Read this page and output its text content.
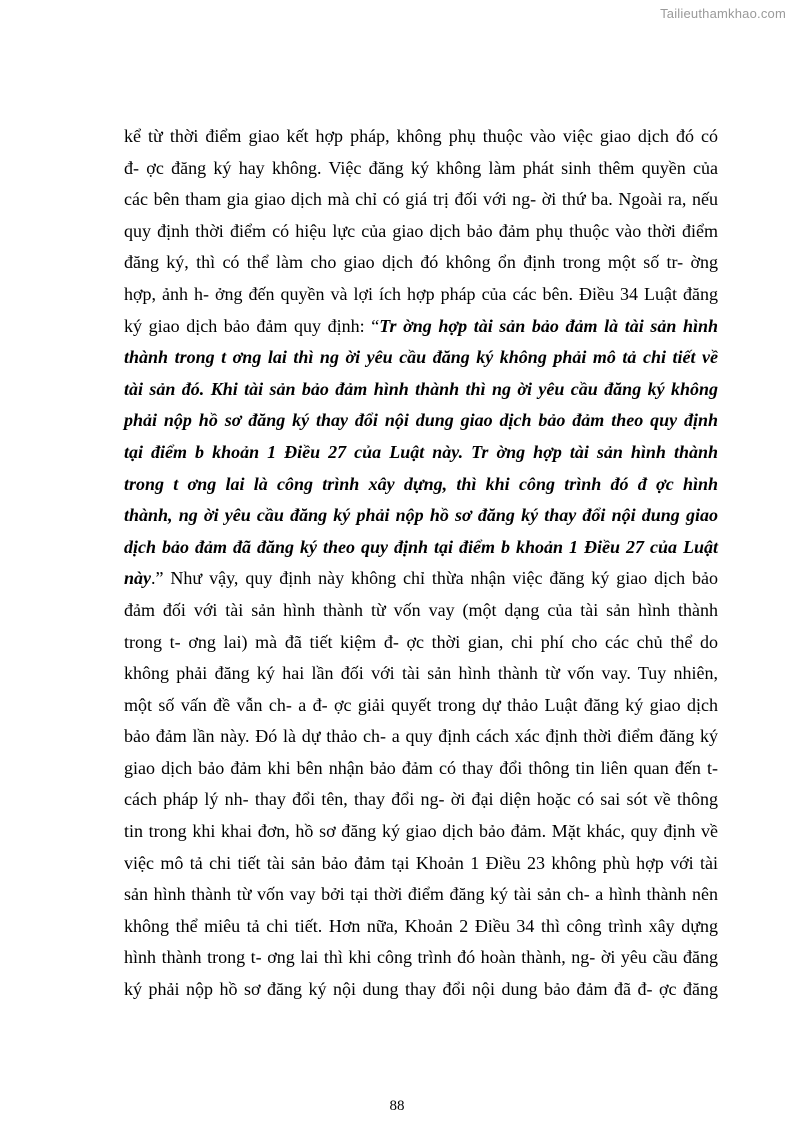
Tailieuthamkhao.com
kể từ thời điểm giao kết hợp pháp, không phụ thuộc vào việc giao dịch đó có
đ- ợc đăng ký hay không. Việc đăng ký không làm phát sinh thêm quyền của
các bên tham gia giao dịch mà chỉ có giá trị đối với ng- ời thứ ba. Ngoài ra, nếu
quy định thời điểm có hiệu lực của giao dịch bảo đảm phụ thuộc vào thời điểm
đăng ký, thì có thể làm cho giao dịch đó không ổn định trong một số tr- ờng
hợp, ảnh h- ởng đến quyền và lợi ích hợp pháp của các bên. Điều 34 Luật đăng
ký giao dịch bảo đảm quy định: “Tr ờng hợp tài sản bảo đảm là tài sản hình
thành trong t ơng lai thì ng ời yêu cầu đăng ký không phải mô tả chi tiết về
tài sản đó. Khi tài sản bảo đảm hình thành thì ng ời yêu cầu đăng ký không
phải nộp hồ sơ đăng ký thay đổi nội dung giao dịch bảo đảm theo quy định
tại điểm b khoản 1 Điều 27 của Luật này. Tr ờng hợp tài sản hình thành
trong t ơng lai là công trình xây dựng, thì khi công trình đó đ ợc hình
thành, ng ời yêu cầu đăng ký phải nộp hồ sơ đăng ký thay đổi nội dung giao
dịch bảo đảm đã đăng ký theo quy định tại điểm b khoản 1 Điều 27 của Luật
này.” Như vậy, quy định này không chỉ thừa nhận việc đăng ký giao dịch bảo
đảm đối với tài sản hình thành từ vốn vay (một dạng của tài sản hình thành
trong t- ơng lai) mà đã tiết kiệm đ- ợc thời gian, chi phí cho các chủ thể do
không phải đăng ký hai lần đối với tài sản hình thành từ vốn vay. Tuy nhiên,
một số vấn đề vẫn ch- a đ- ợc giải quyết trong dự thảo Luật đăng ký giao dịch
bảo đảm lần này. Đó là dự thảo ch- a quy định cách xác định thời điểm đăng ký
giao dịch bảo đảm khi bên nhận bảo đảm có thay đổi thông tin liên quan đến t-
cách pháp lý nh- thay đổi tên, thay đổi ng- ời đại diện hoặc có sai sót về thông
tin trong khi khai đơn, hồ sơ đăng ký giao dịch bảo đảm. Mặt khác, quy định về
việc mô tả chi tiết tài sản bảo đảm tại Khoản 1 Điều 23 không phù hợp với tài
sản hình thành từ vốn vay bởi tại thời điểm đăng ký tài sản ch- a hình thành nên
không thể miêu tả chi tiết. Hơn nữa, Khoản 2 Điều 34 thì công trình xây dựng
hình thành trong t- ơng lai thì khi công trình đó hoàn thành, ng- ời yêu cầu đăng
ký phải nộp hồ sơ đăng ký nội dung thay đổi nội dung bảo đảm đã đ- ợc đăng
88
